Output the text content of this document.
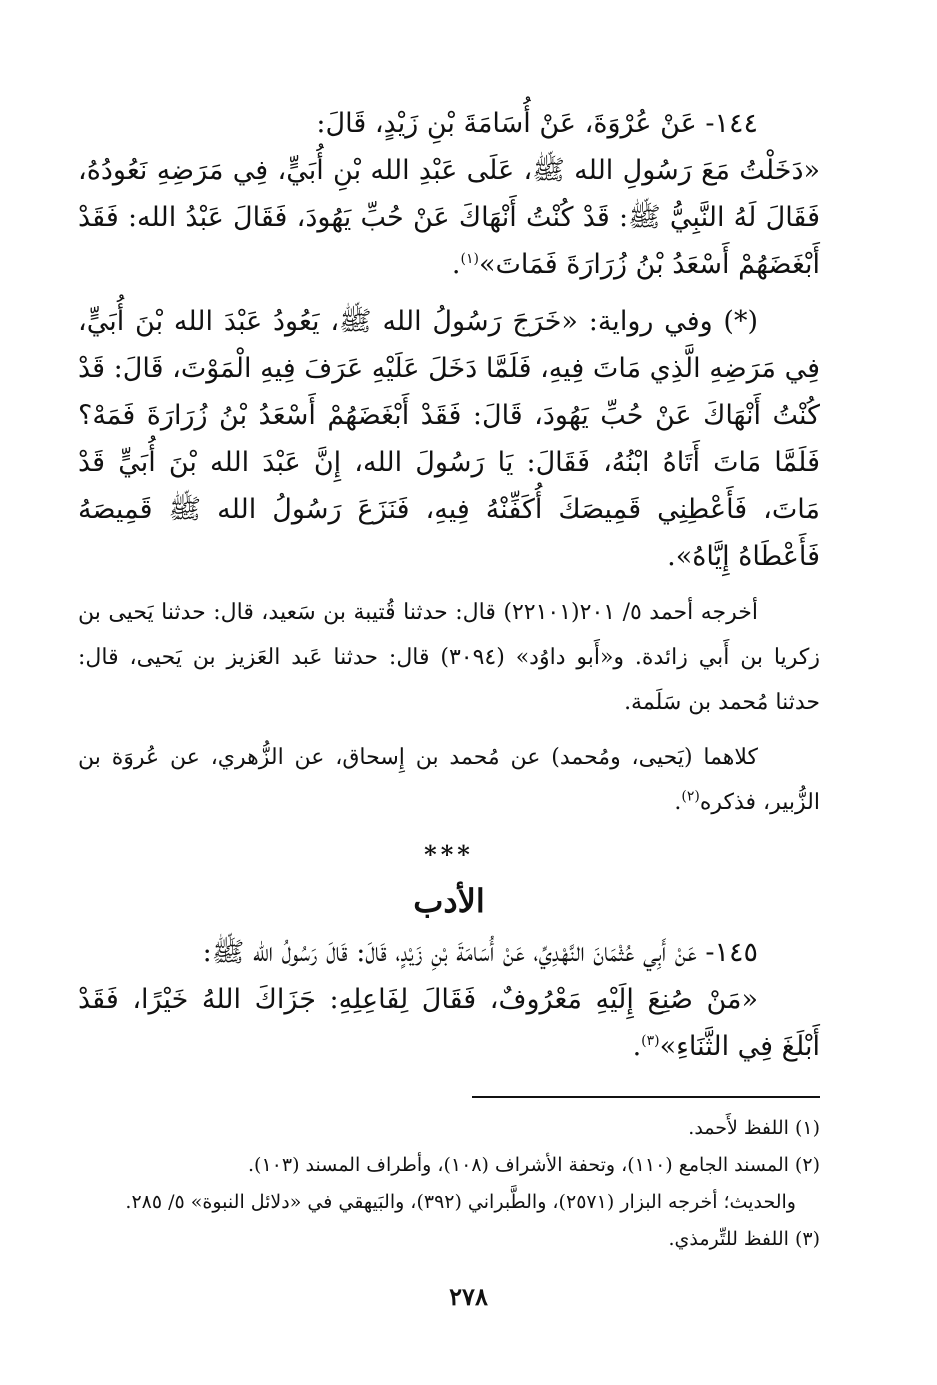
١٤٤- عَنْ عُرْوَةَ، عَنْ أُسَامَةَ بْنِ زَيْدٍ، قَالَ:

«دَخَلْتُ مَعَ رَسُولِ الله ﷺ، عَلَى عَبْدِ الله بْنِ أُبَيٍّ، فِي مَرَضِهِ نَعُودُهُ، فَقَالَ لَهُ النَّبِيُّ ﷺ: قَدْ كُنْتُ أَنْهَاكَ عَنْ حُبِّ يَهُودَ، فَقَالَ عَبْدُ الله: فَقَدْ أَبْغَضَهُمْ أَسْعَدُ بْنُ زُرَارَةَ فَمَاتَ»$^{(١)}$.

(*) وفي رواية: «خَرَجَ رَسُولُ الله ﷺ، يَعُودُ عَبْدَ الله بْنَ أُبَيٍّ، فِي مَرَضِهِ الَّذِي مَاتَ فِيهِ، فَلَمَّا دَخَلَ عَلَيْهِ عَرَفَ فِيهِ الْمَوْتَ، قَالَ: قَدْ كُنْتُ أَنْهَاكَ عَنْ حُبِّ يَهُودَ، قَالَ: فَقَدْ أَبْغَضَهُمْ أَسْعَدُ بْنُ زُرَارَةَ فَمَهْ؟ فَلَمَّا مَاتَ أَتَاهُ ابْنُهُ، فَقَالَ: يَا رَسُولَ الله، إِنَّ عَبْدَ الله بْنَ أُبَيٍّ قَدْ مَاتَ، فَأَعْطِنِي قَمِيصَكَ أُكَفِّنْهُ فِيهِ، فَنَزَعَ رَسُولُ الله ﷺ قَمِيصَهُ فَأَعْطَاهُ إِيَّاهُ».

أخرجه أحمد ٥/ ٢٠١(٢٢١٠١) قال: حدثنا قُتيبة بن سَعيد، قال: حدثنا يَحيى بن زكريا بن أَبي زائدة. و«أَبو داوُد» (٣٠٩٤) قال: حدثنا عَبد العَزيز بن يَحيى، قال: حدثنا مُحمد بن سَلَمة.

كلاهما (يَحيى، ومُحمد) عن مُحمد بن إِسحاق، عن الزُّهري، عن عُروَة بن الزُّبير، فذكره$^{(٢)}$.

***
الأدب

١٤٥- عَنْ أَبِي عُثْمَانَ النَّهْدِيِّ، عَنْ أُسَامَةَ بْنِ زَيْدٍ، قَالَ: قَالَ رَسُولُ الله ﷺ:

«مَنْ صُنِعَ إِلَيْهِ مَعْرُوفٌ، فَقَالَ لِفَاعِلِهِ: جَزَاكَ اللهُ خَيْرًا، فَقَدْ أَبْلَغَ فِي الثَّنَاءِ»$^{(٣)}$.

(١) اللفظ لأَحمد.

(٢) المسند الجامع (١١٠)، وتحفة الأشراف (١٠٨)، وأطراف المسند (١٠٣).

والحديث؛ أخرجه البزار (٢٥٧١)، والطَّبراني (٣٩٢)، والبَيهقي في «دلائل النبوة» ٥/ ٢٨٥.

(٣) اللفظ للتِّرمذي.

٢٧٨
